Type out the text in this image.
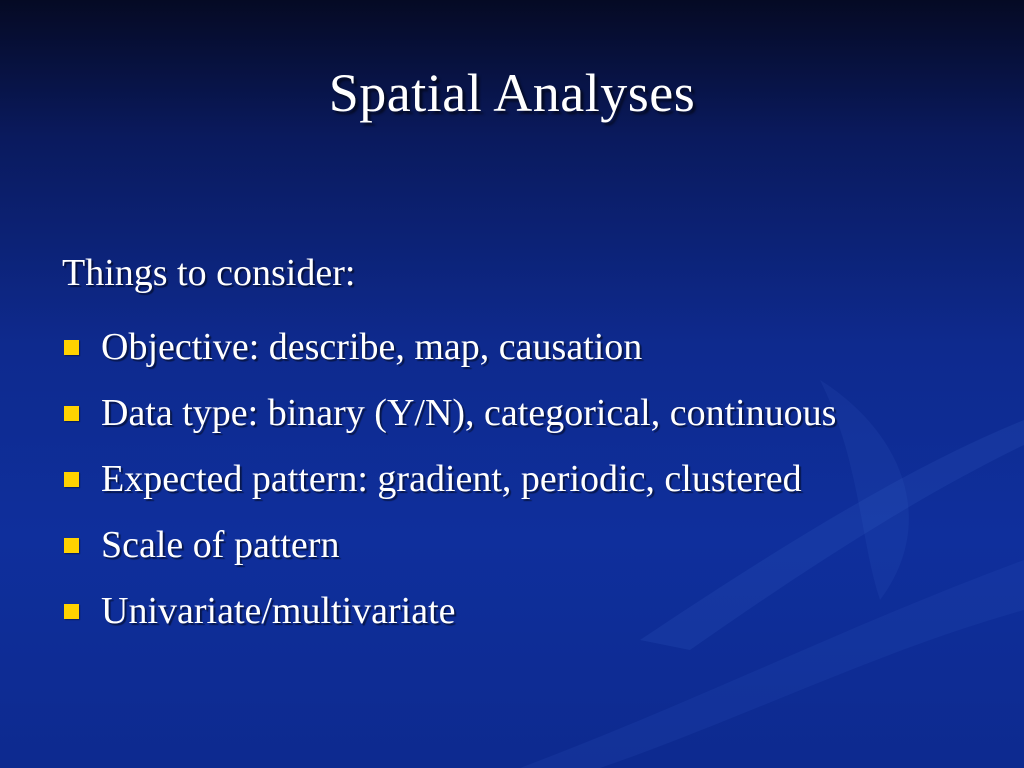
Spatial Analyses
Things to consider:
Objective: describe, map, causation
Data type: binary (Y/N), categorical, continuous
Expected pattern: gradient, periodic, clustered
Scale of pattern
Univariate/multivariate
